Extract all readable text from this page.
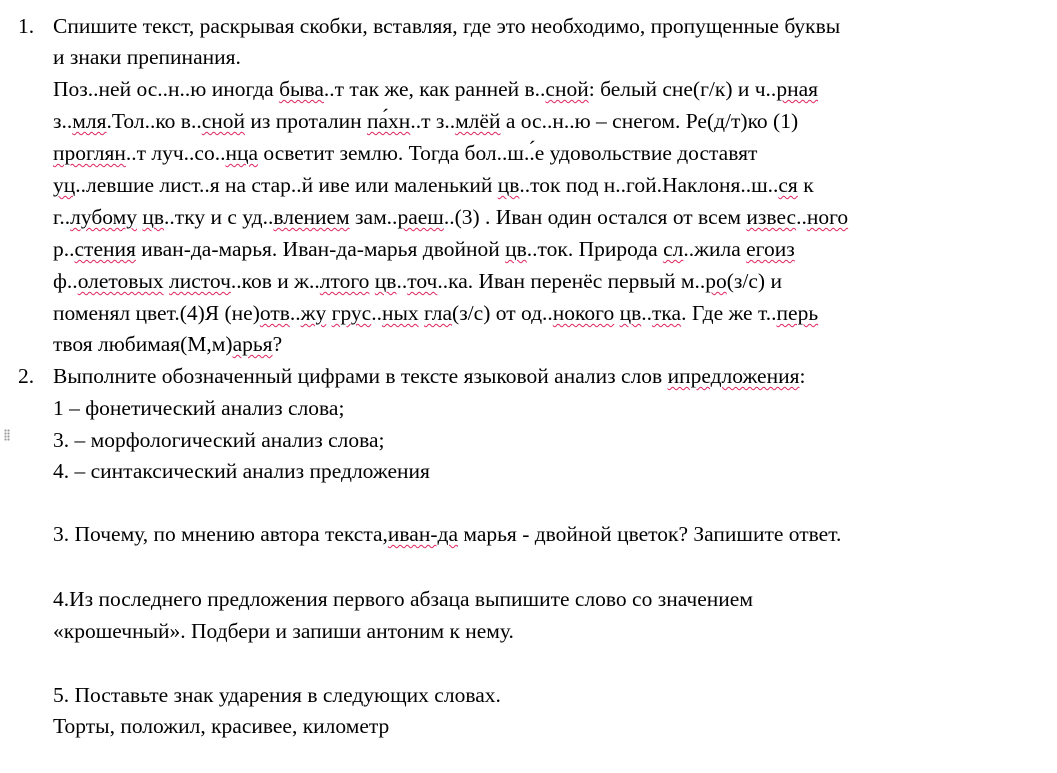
1. Спишите текст, раскрывая скобки, вставляя, где это необходимо, пропущенные буквы
и знаки препинания.
Поз..ней ос..н..ю иногда быва..т так же, как ранней в..сной: белый сне(г/к) и ч..рная
з..мля.Тол..ко в..сной из проталин па́хн..т з..млёй а ос..н..ю – снегом. Ре(д/т)ко (1)
проглян..т луч..со..нца осветит землю. Тогда бол..ш..́е удовольствие доставят
уц..левшие лист..я на стар..й иве или маленький цв..ток под н..гой.Наклоня..ш..ся к
г..лубому цв..тку и с уд..влением зам..раеш..(3) . Иван один остался от всем извес..ного
р..стения иван-да-марья. Иван-да-марья двойной цв..ток. Природа сл..жила егоиз
ф..олетовых листоч..ков и ж..лтого цв..точ..ка. Иван перенёс первый м..ро(з/с) и
поменял цвет.(4)Я (не)отв..жу грус..ных гла(з/с) от од..нокого цв..тка. Где же т..перь
твоя любимая(М,м)арья?
2. Выполните обозначенный цифрами в тексте языковой анализ слов ипредложения:
1 – фонетический анализ слова;
3. – морфологический анализ слова;
4. – синтаксический анализ предложения
3. Почему, по мнению автора текста,иван-да марья - двойной цветок? Запишите ответ.
4.Из последнего предложения первого абзаца выпишите слово со значением
«крошечный». Подбери и запиши антоним к нему.
5. Поставьте знак ударения в следующих словах.
Торты, положил, красивее, километр
